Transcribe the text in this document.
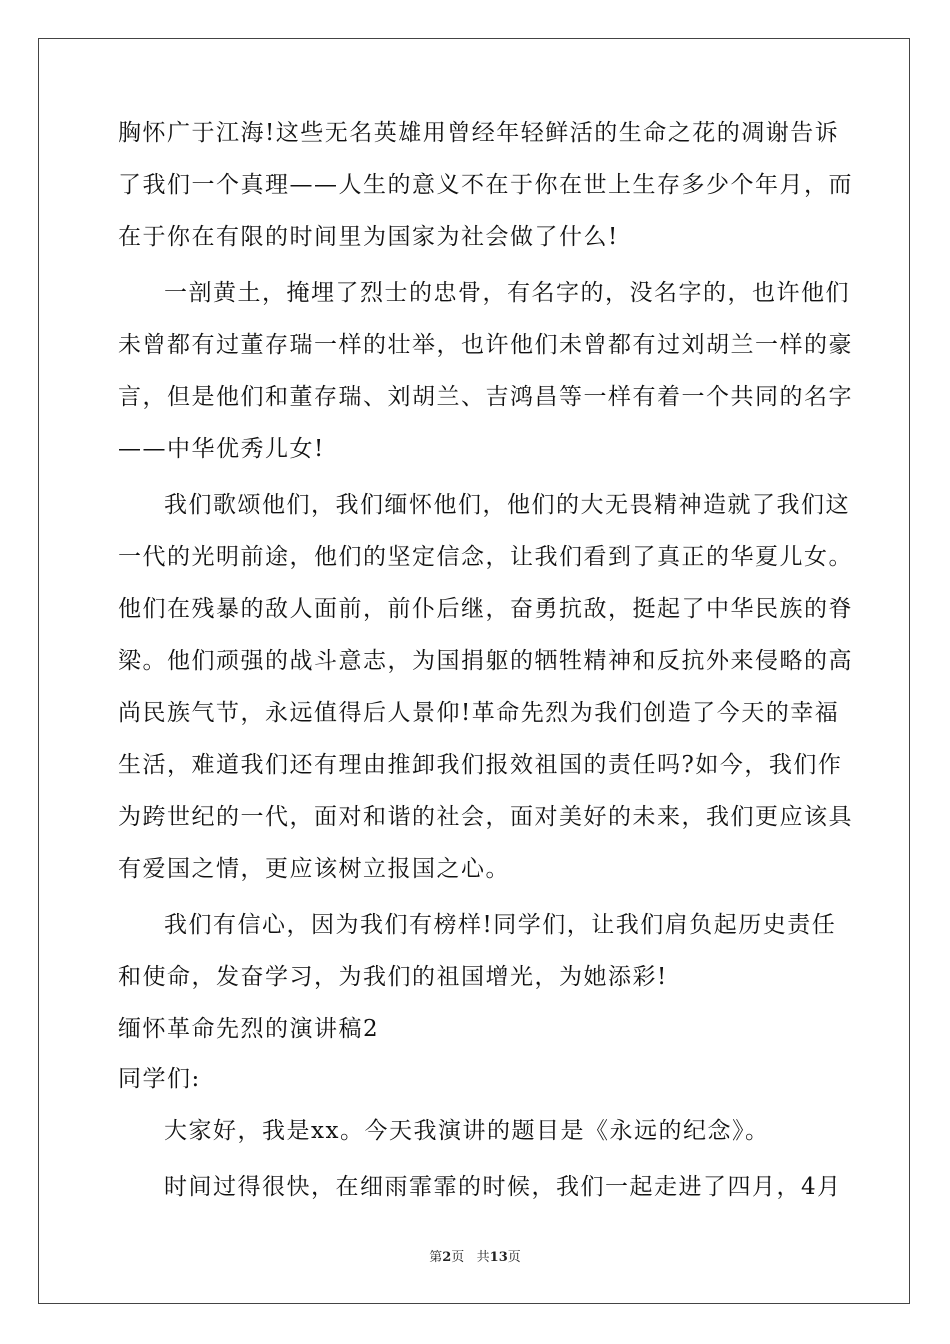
胸怀广于江海!这些无名英雄用曾经年轻鲜活的生命之花的凋谢告诉
了我们一个真理——人生的意义不在于你在世上生存多少个年月，而
在于你在有限的时间里为国家为社会做了什么!
一剖黄土，掩埋了烈士的忠骨，有名字的，没名字的，也许他们
未曾都有过董存瑞一样的壮举，也许他们未曾都有过刘胡兰一样的豪
言，但是他们和董存瑞、刘胡兰、吉鸿昌等一样有着一个共同的名字
——中华优秀儿女!
我们歌颂他们，我们缅怀他们，他们的大无畏精神造就了我们这
一代的光明前途，他们的坚定信念，让我们看到了真正的华夏儿女。
他们在残暴的敌人面前，前仆后继，奋勇抗敌，挺起了中华民族的脊
梁。他们顽强的战斗意志，为国捐躯的牺牲精神和反抗外来侵略的高
尚民族气节，永远值得后人景仰!革命先烈为我们创造了今天的幸福
生活，难道我们还有理由推卸我们报效祖国的责任吗?如今，我们作
为跨世纪的一代，面对和谐的社会，面对美好的未来，我们更应该具
有爱国之情，更应该树立报国之心。
我们有信心，因为我们有榜样!同学们，让我们肩负起历史责任
和使命，发奋学习，为我们的祖国增光，为她添彩!
缅怀革命先烈的演讲稿2
同学们:
大家好，我是xx。今天我演讲的题目是《永远的纪念》。
时间过得很快，在细雨霏霏的时候，我们一起走进了四月，4月
第2页   共13页
